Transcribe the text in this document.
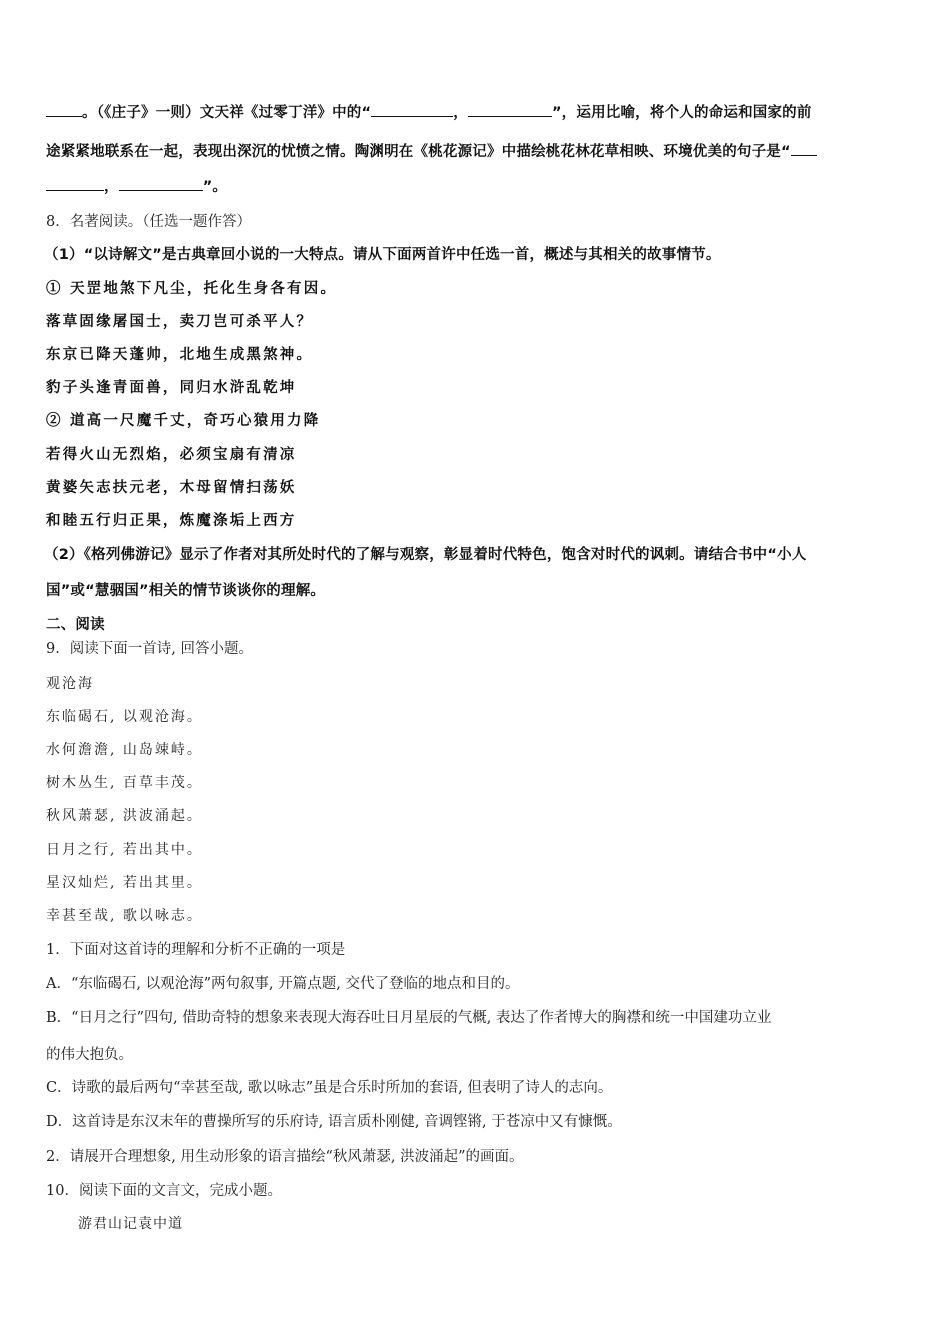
。（《庄子》一则）文天祥《过零丁洋》中的“	，	”，运用比喻，将个人的命运和国家的前
途紧紧地联系在一起，表现出深沉的忧愤之情。陶渊明在《桃花源记》中描绘桃花林花草相映、环境优美的句子是“
，	”。
8．名著阅读。（任选一题作答）
（1）“以诗解文”是古典章回小说的一大特点。请从下面两首许中任选一首，概述与其相关的故事情节。
① 天罡地煞下凡尘，托化生身各有因。
落草固缘屠国士，卖刀岂可杀平人？
东京已降天蓬帅，北地生成黑煞神。
豹子头逢青面兽，同归水浒乱乾坤
② 道高一尺魔千丈，奇巧心猿用力降
若得火山无烈焰，必须宝扇有清凉
黄婆矢志扶元老，木母留情扫荡妖
和睦五行归正果，炼魔涤垢上西方
（2）《格列佛游记》显示了作者对其所处时代的了解与观察，彰显着时代特色，饱含对时代的讽刺。请结合书中“小人
国”或“慧骃国”相关的情节谈谈你的理解。
二、阅读
9．阅读下面一首诗, 回答小题。
观沧海
东临碣石, 以观沧海。
水何澹澹, 山岛竦峙。
树木丛生, 百草丰茂。
秋风萧瑟, 洪波涌起。
日月之行, 若出其中。
星汉灿烂, 若出其里。
幸甚至哉, 歌以咏志。
1．下面对这首诗的理解和分析不正确的一项是
A．“东临碣石, 以观沧海”两句叙事, 开篇点题, 交代了登临的地点和目的。
B．“日月之行”四句, 借助奇特的想象来表现大海吞吐日月星辰的气概, 表达了作者博大的胸襟和统一中国建功立业
的伟大抱负。
C．诗歌的最后两句“幸甚至哉, 歌以咏志”虽是合乐时所加的套语, 但表明了诗人的志向。
D．这首诗是东汉末年的曹操所写的乐府诗, 语言质朴刚健, 音调铿锵, 于苍凉中又有慷慨。
2．请展开合理想象, 用生动形象的语言描绘“秋风萧瑟, 洪波涌起”的画面。
10．阅读下面的文言文，完成小题。
游君山记袁中道
